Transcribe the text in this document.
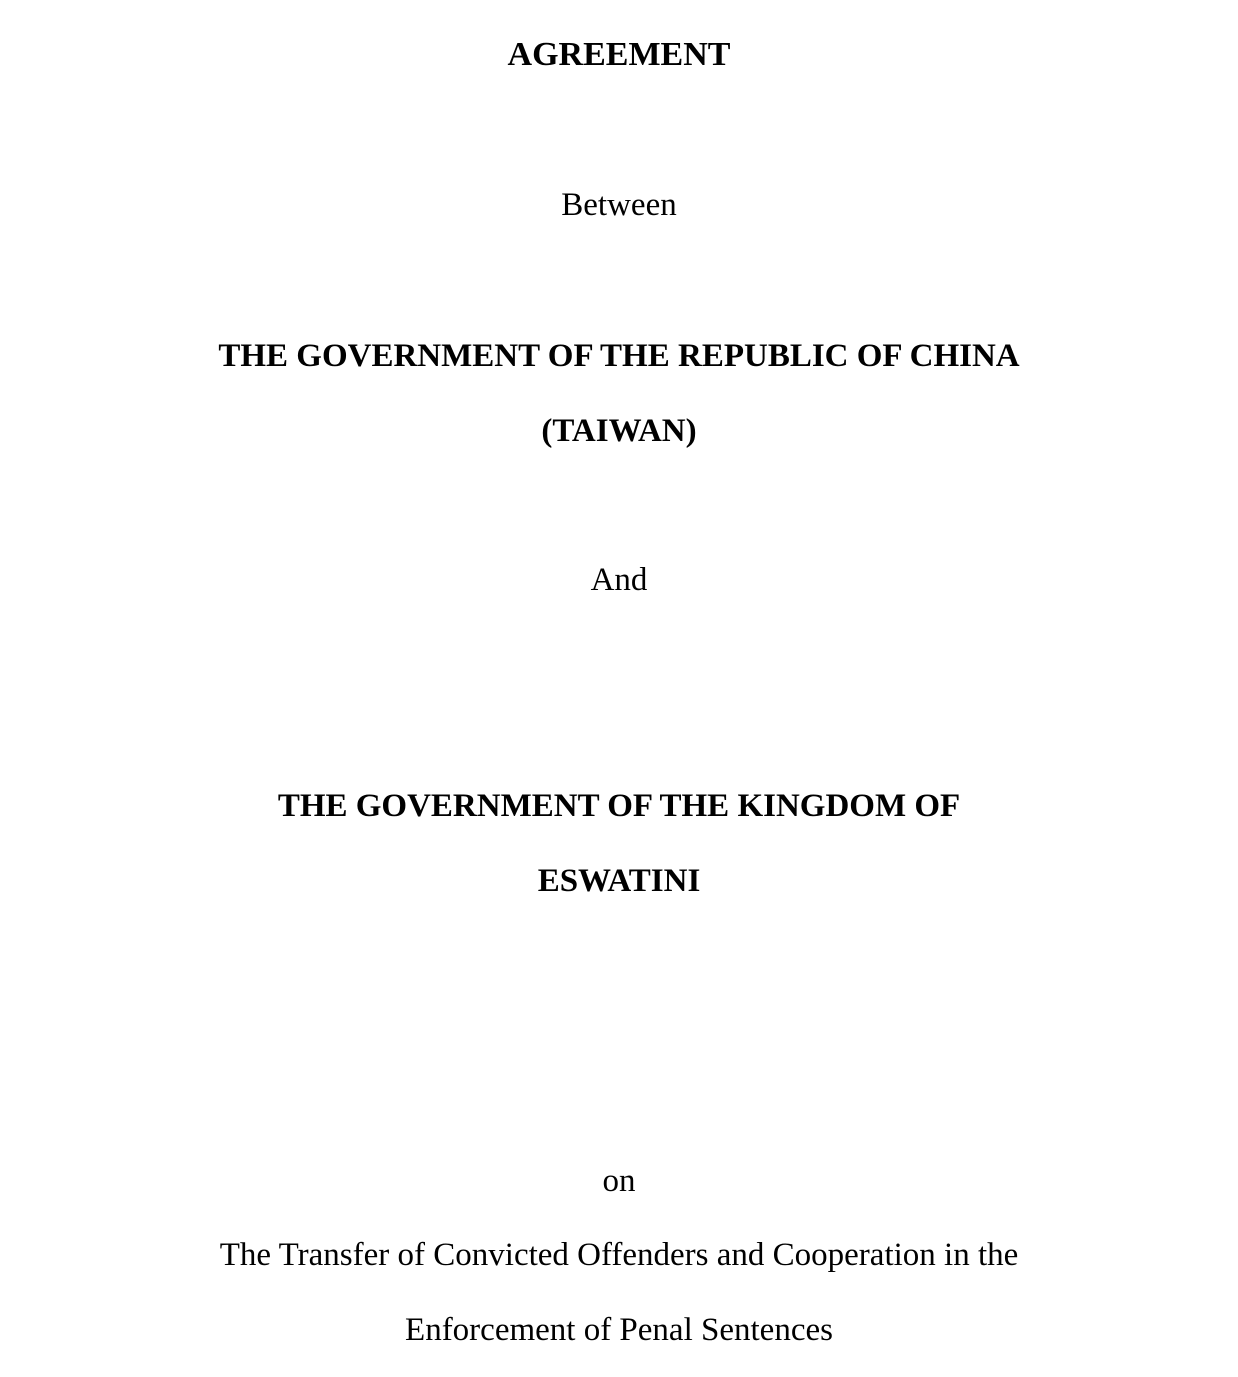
AGREEMENT
Between
THE GOVERNMENT OF THE REPUBLIC OF CHINA
(TAIWAN)
And
THE GOVERNMENT OF THE KINGDOM OF
ESWATINI
on
The Transfer of Convicted Offenders and Cooperation in the
Enforcement of Penal Sentences
